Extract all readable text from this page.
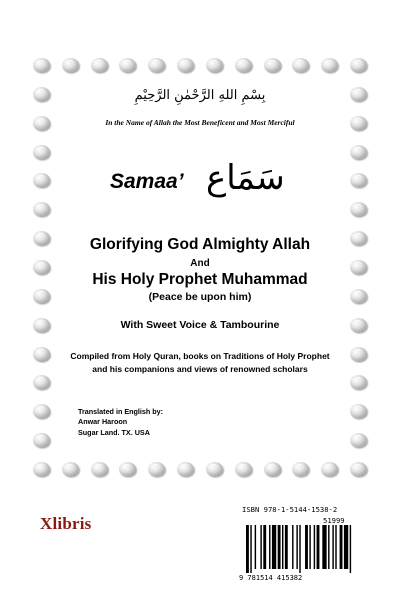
بِسْمِ اللهِ الرَّحْمٰنِ الرَّحِيْمِ
In the Name of Allah the Most Beneficent and Most Merciful
Samaa’ سَمَاع
Glorifying God Almighty Allah
And
His Holy Prophet Muhammad
(Peace be upon him)
With Sweet Voice & Tambourine
Compiled from Holy Quran, books on Traditions of Holy Prophet and his companions and views of renowned scholars
Translated in English by:
Anwar Haroon
Sugar Land. TX. USA
Xlibris
ISBN 978-1-5144-1538-2
51999
9 781514 415382
